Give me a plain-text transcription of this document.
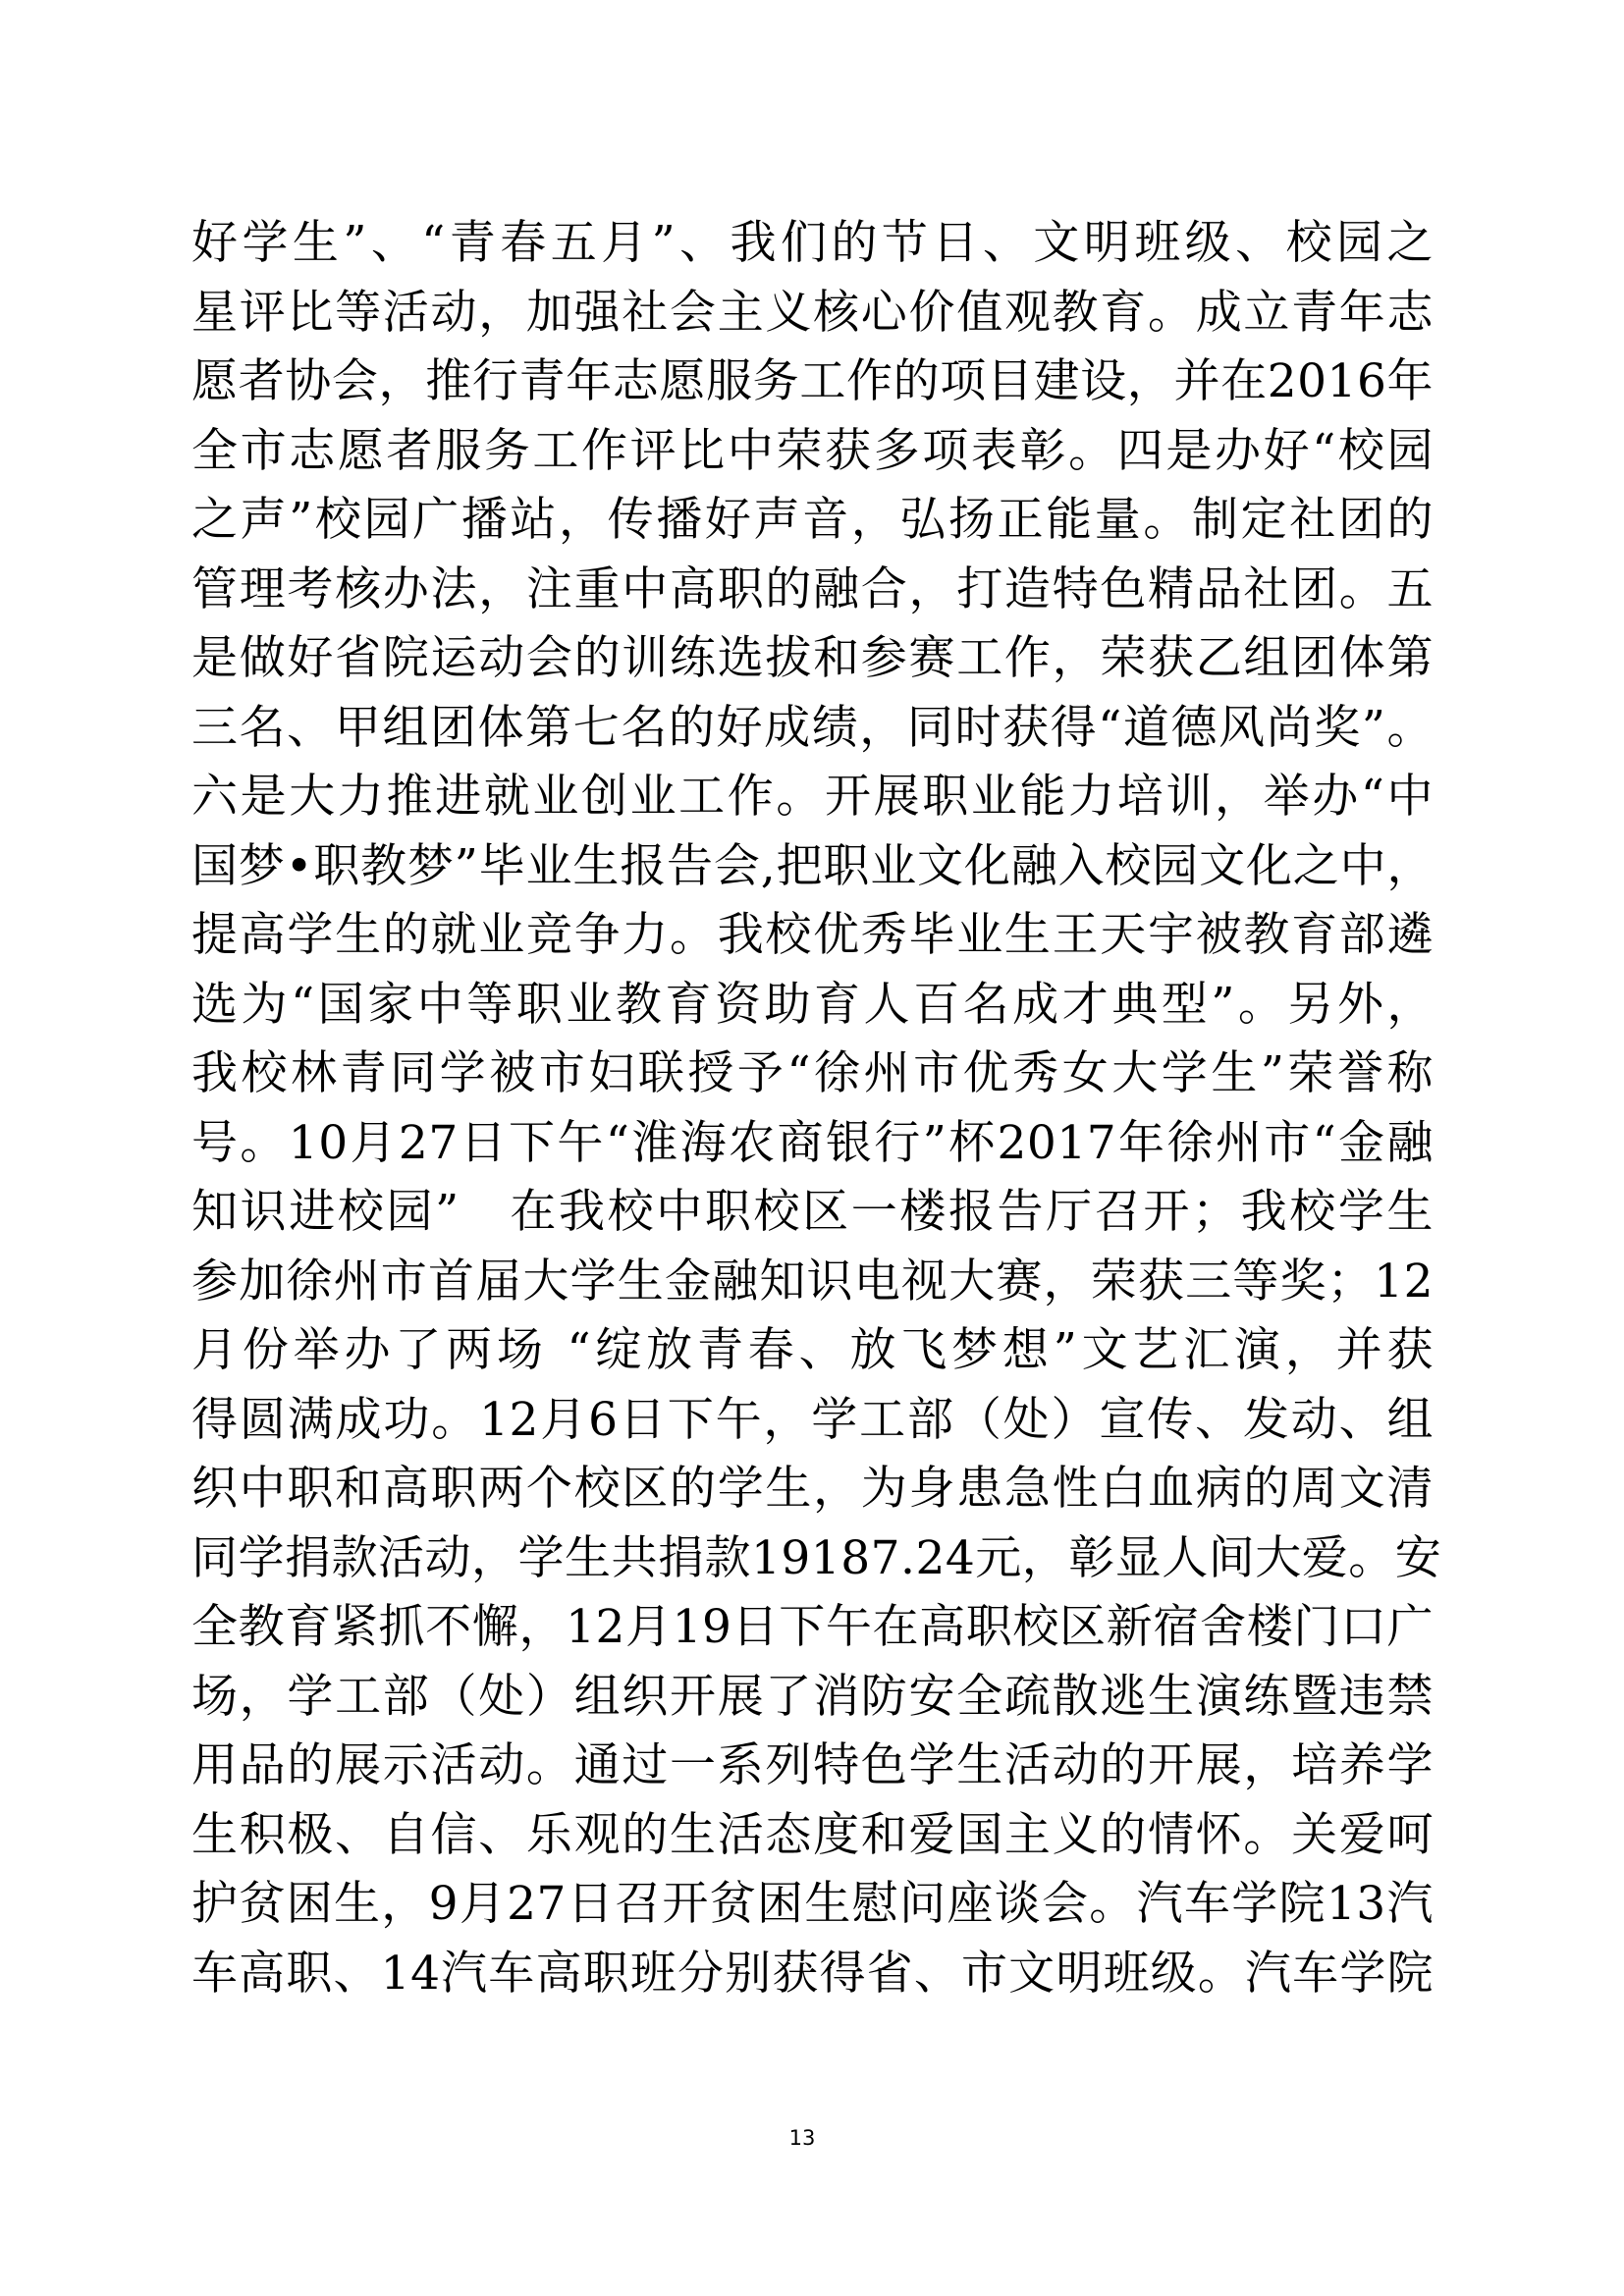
好学生”、“青春五月”、我们的节日、文明班级、校园之
星评比等活动，加强社会主义核心价值观教育。成立青年志
愿者协会，推行青年志愿服务工作的项目建设，并在2016年
全市志愿者服务工作评比中荣获多项表彰。四是办好“校园
之声”校园广播站，传播好声音，弘扬正能量。制定社团的
管理考核办法，注重中高职的融合，打造特色精品社团。五
是做好省院运动会的训练选拔和参赛工作，荣获乙组团体第
三名、甲组团体第七名的好成绩，同时获得“道德风尚奖”。
六是大力推进就业创业工作。开展职业能力培训，举办“中
国梦•职教梦”毕业生报告会,把职业文化融入校园文化之中，
提高学生的就业竞争力。我校优秀毕业生王天宇被教育部遴
选为“国家中等职业教育资助育人百名成才典型”。另外，
我校林青同学被市妇联授予“徐州市优秀女大学生”荣誉称
号。10月27日下午“淮海农商银行”杯2017年徐州市“金融
知识进校园”　在我校中职校区一楼报告厅召开；我校学生
参加徐州市首届大学生金融知识电视大赛，荣获三等奖；12
月份举办了两场 “绽放青春、放飞梦想”文艺汇演，并获
得圆满成功。12月6日下午，学工部（处）宣传、发动、组
织中职和高职两个校区的学生，为身患急性白血病的周文清
同学捐款活动，学生共捐款19187.24元，彰显人间大爱。安
全教育紧抓不懈，12月19日下午在高职校区新宿舍楼门口广
场，学工部（处）组织开展了消防安全疏散逃生演练暨违禁
用品的展示活动。通过一系列特色学生活动的开展，培养学
生积极、自信、乐观的生活态度和爱国主义的情怀。关爱呵
护贫困生，9月27日召开贫困生慰问座谈会。汽车学院13汽
车高职、14汽车高职班分别获得省、市文明班级。汽车学院
13
